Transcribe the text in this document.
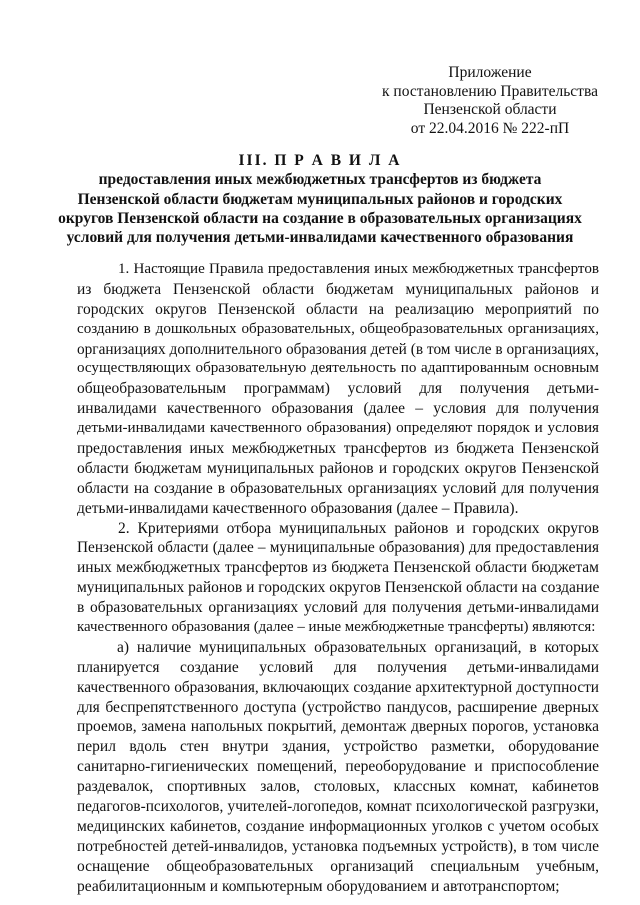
Приложение
к постановлению Правительства
Пензенской области
от 22.04.2016 № 222-пП
III. П Р А В И Л А
предоставления иных межбюджетных трансфертов из бюджета
Пензенской области бюджетам муниципальных районов и городских
округов Пензенской области на создание в образовательных организациях
условий для получения детьми-инвалидами качественного образования
1. Настоящие Правила предоставления иных межбюджетных трансфертов
из бюджета Пензенской области бюджетам муниципальных районов и
городских округов Пензенской области на реализацию мероприятий по
созданию в дошкольных образовательных, общеобразовательных организациях,
организациях дополнительного образования детей (в том числе в организациях,
осуществляющих образовательную деятельность по адаптированным основным
общеобразовательным программам) условий для получения детьми-
инвалидами качественного образования (далее – условия для получения
детьми-инвалидами качественного образования) определяют порядок и условия
предоставления иных межбюджетных трансфертов из бюджета Пензенской
области бюджетам муниципальных районов и городских округов Пензенской
области на создание в образовательных организациях условий для получения
детьми-инвалидами качественного образования (далее – Правила).
2. Критериями отбора муниципальных районов и городских округов
Пензенской области (далее – муниципальные образования) для предоставления
иных межбюджетных трансфертов из бюджета Пензенской области бюджетам
муниципальных районов и городских округов Пензенской области на создание
в образовательных организациях условий для получения детьми-инвалидами
качественного образования (далее – иные межбюджетные трансферты) являются:
а) наличие муниципальных образовательных организаций, в которых
планируется создание условий для получения детьми-инвалидами
качественного образования, включающих создание архитектурной доступности
для беспрепятственного доступа (устройство пандусов, расширение дверных
проемов, замена напольных покрытий, демонтаж дверных порогов, установка
перил вдоль стен внутри здания, устройство разметки, оборудование
санитарно-гигиенических помещений, переоборудование и приспособление
раздевалок, спортивных залов, столовых, классных комнат, кабинетов
педагогов-психологов, учителей-логопедов, комнат психологической разгрузки,
медицинских кабинетов, создание информационных уголков с учетом особых
потребностей детей-инвалидов, установка подъемных устройств), в том числе
оснащение общеобразовательных организаций специальным учебным,
реабилитационным и компьютерным оборудованием и автотранспортом;
